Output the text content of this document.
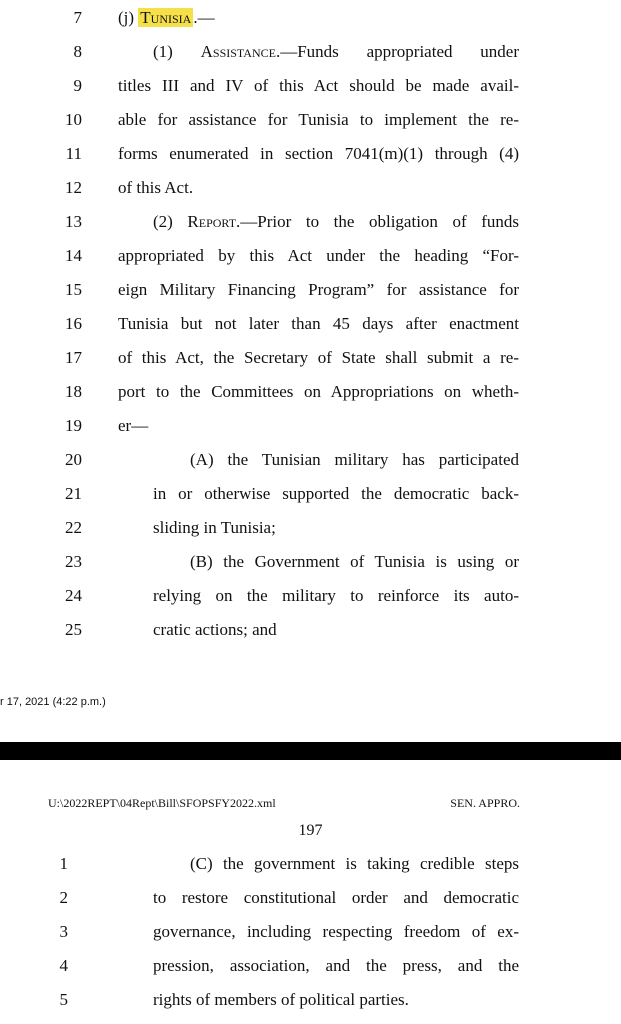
7
8
9
10
11
12
13
14
15
16
17
18
19
20
21
22
23
24
25
(j) Tunisia .—
(1) Assistance.—Funds appropriated under
titles III and IV of this Act should be made avail-
able for assistance for Tunisia to implement the re-
forms enumerated in section 7041(m)(1) through (4)
of this Act.
(2) Report.—Prior to the obligation of funds
appropriated by this Act under the heading “For-
eign Military Financing Program” for assistance for
Tunisia but not later than 45 days after enactment
of this Act, the Secretary of State shall submit a re-
port to the Committees on Appropriations on wheth-
er—
(A) the Tunisian military has participated
in or otherwise supported the democratic back-
sliding in Tunisia;
(B) the Government of Tunisia is using or
relying on the military to reinforce its auto-
cratic actions; and
r 17, 2021 (4:22 p.m.)
U:\2022REPT\04Rept\Bill\SFOPSFY2022.xml	SEN. APPRO.
197
1
2
3
4
5
(C) the government is taking credible steps
to restore constitutional order and democratic
governance, including respecting freedom of ex-
pression, association, and the press, and the
rights of members of political parties.
